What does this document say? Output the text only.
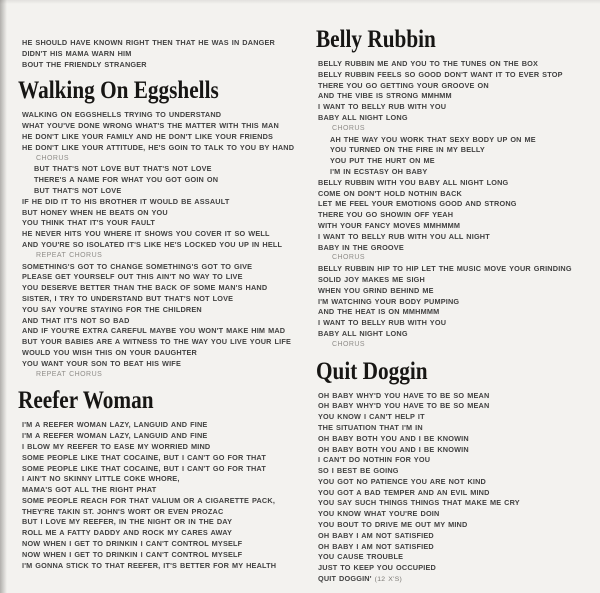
HE SHOULD HAVE KNOWN RIGHT THEN THAT HE WAS IN DANGER
DIDN'T HIS MAMA WARN HIM
BOUT THE FRIENDLY STRANGER
Walking On Eggshells
WALKING ON EGGSHELLS TRYING TO UNDERSTAND
WHAT YOU'VE DONE WRONG WHAT'S THE MATTER WITH THIS MAN
HE DON'T LIKE YOUR FAMILY AND HE DON'T LIKE YOUR FRIENDS
HE DON'T LIKE YOUR ATTITUDE, HE'S GOIN TO TALK TO YOU BY HAND
CHORUS
BUT THAT'S NOT LOVE BUT THAT'S NOT LOVE
THERE'S A NAME FOR WHAT YOU GOT GOIN ON
BUT THAT'S NOT LOVE
IF HE DID IT TO HIS BROTHER IT WOULD BE ASSAULT
BUT HONEY WHEN HE BEATS ON YOU
YOU THINK THAT IT'S YOUR FAULT
HE NEVER HITS YOU WHERE IT SHOWS YOU COVER IT SO WELL
AND YOU'RE SO ISOLATED IT'S LIKE HE'S LOCKED YOU UP IN HELL
REPEAT CHORUS
SOMETHING'S GOT TO CHANGE SOMETHING'S GOT TO GIVE
PLEASE GET YOURSELF OUT THIS AIN'T NO WAY TO LIVE
YOU DESERVE BETTER THAN THE BACK OF SOME MAN'S HAND
SISTER, I TRY TO UNDERSTAND BUT THAT'S NOT LOVE
YOU SAY YOU'RE STAYING FOR THE CHILDREN
AND THAT IT'S NOT SO BAD
AND IF YOU'RE EXTRA CAREFUL MAYBE YOU WON'T MAKE HIM MAD
BUT YOUR BABIES ARE A WITNESS TO THE WAY YOU LIVE YOUR LIFE
WOULD YOU WISH THIS ON YOUR DAUGHTER
YOU WANT YOUR SON TO BEAT HIS WIFE
REPEAT CHORUS
Reefer Woman
I'M A REEFER WOMAN LAZY, LANGUID AND FINE
I'M A REEFER WOMAN LAZY, LANGUID AND FINE
I BLOW MY REEFER TO EASE MY WORRIED MIND
SOME PEOPLE LIKE THAT COCAINE, BUT I CAN'T GO FOR THAT
SOME PEOPLE LIKE THAT COCAINE, BUT I CAN'T GO FOR THAT
I AIN'T NO SKINNY LITTLE COKE WHORE,
MAMA'S GOT ALL THE RIGHT PHAT
SOME PEOPLE REACH FOR THAT VALIUM OR A CIGARETTE PACK,
THEY'RE TAKIN ST. JOHN'S WORT OR EVEN PROZAC
BUT I LOVE MY REEFER, IN THE NIGHT OR IN THE DAY
ROLL ME A FATTY DADDY AND ROCK MY CARES AWAY
NOW WHEN I GET TO DRINKIN I CAN'T CONTROL MYSELF
NOW WHEN I GET TO DRINKIN I CAN'T CONTROL MYSELF
I'M GONNA STICK TO THAT REEFER, IT'S BETTER FOR MY HEALTH
Belly Rubbin
BELLY RUBBIN ME AND YOU TO THE TUNES ON THE BOX
BELLY RUBBIN FEELS SO GOOD DON'T WANT IT TO EVER STOP
THERE YOU GO GETTING YOUR GROOVE ON
AND THE VIBE IS STRONG MMHMM
I WANT TO BELLY RUB WITH YOU
BABY ALL NIGHT LONG
CHORUS
AH THE WAY YOU WORK THAT SEXY BODY UP ON ME
YOU TURNED ON THE FIRE IN MY BELLY
YOU PUT THE HURT ON ME
I'M IN ECSTASY OH BABY
BELLY RUBBIN WITH YOU BABY ALL NIGHT LONG
COME ON DON'T HOLD NOTHIN BACK
LET ME FEEL YOUR EMOTIONS GOOD AND STRONG
THERE YOU GO SHOWIN OFF YEAH
WITH YOUR FANCY MOVES MMHMMM
I WANT TO BELLY RUB WITH YOU ALL NIGHT
BABY IN THE GROOVE
CHORUS
BELLY RUBBIN HIP TO HIP LET THE MUSIC MOVE YOUR GRINDING
SOLID JOY MAKES ME SIGH
WHEN YOU GRIND BEHIND ME
I'M WATCHING YOUR BODY PUMPING
AND THE HEAT IS ON MMHMMM
I WANT TO BELLY RUB WITH YOU
BABY ALL NIGHT LONG
CHORUS
Quit Doggin
OH BABY WHY'D YOU HAVE TO BE SO MEAN
OH BABY WHY'D YOU HAVE TO BE SO MEAN
YOU KNOW I CAN'T HELP IT
THE SITUATION THAT I'M IN
OH BABY BOTH YOU AND I BE KNOWIN
OH BABY BOTH YOU AND I BE KNOWIN
I CAN'T DO NOTHIN FOR YOU
SO I BEST BE GOING
YOU GOT NO PATIENCE YOU ARE NOT KIND
YOU GOT A BAD TEMPER AND AN EVIL MIND
YOU SAY SUCH THINGS THINGS THAT MAKE ME CRY
YOU KNOW WHAT YOU'RE DOIN
YOU BOUT TO DRIVE ME OUT MY MIND
OH BABY I AM NOT SATISFIED
OH BABY I AM NOT SATISFIED
YOU CAUSE TROUBLE
JUST TO KEEP YOU OCCUPIED
QUIT DOGGIN' (12 X'S)
